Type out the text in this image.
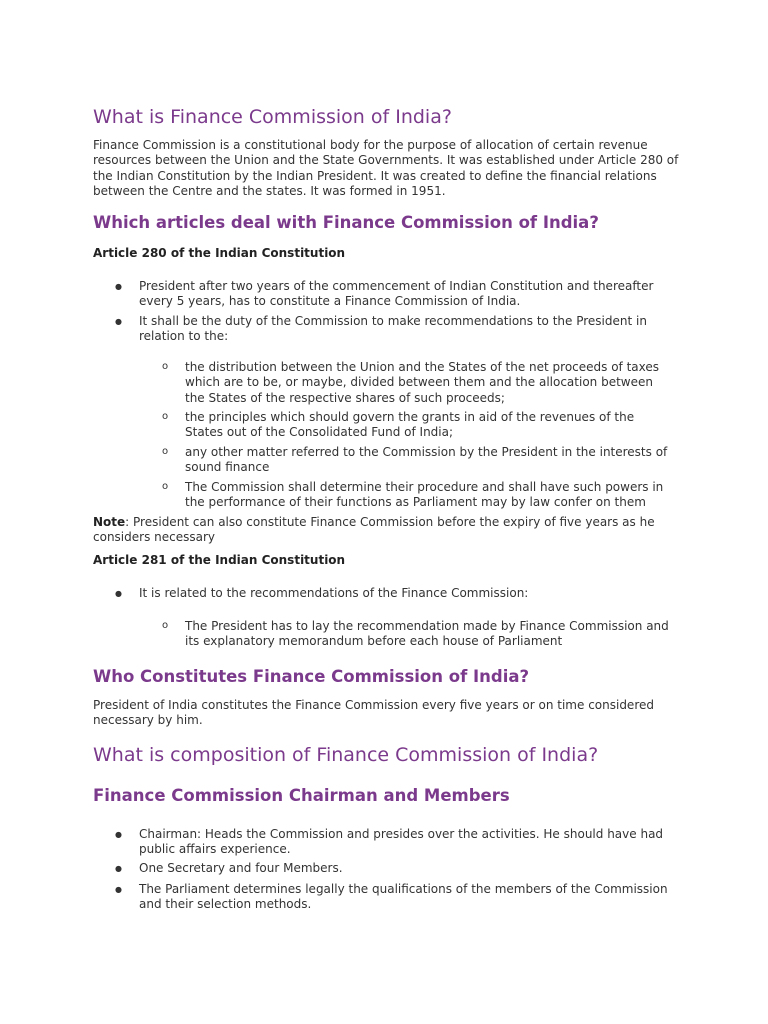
What is Finance Commission of India?

Finance Commission is a constitutional body for the purpose of allocation of certain revenue resources between the Union and the State Governments. It was established under Article 280 of the Indian Constitution by the Indian President. It was created to define the financial relations between the Centre and the states. It was formed in 1951.

Which articles deal with Finance Commission of India?

Article 280 of the Indian Constitution

● President after two years of the commencement of Indian Constitution and thereafter every 5 years, has to constitute a Finance Commission of India.
● It shall be the duty of the Commission to make recommendations to the President in relation to the:
o the distribution between the Union and the States of the net proceeds of taxes which are to be, or maybe, divided between them and the allocation between the States of the respective shares of such proceeds;
o the principles which should govern the grants in aid of the revenues of the States out of the Consolidated Fund of India;
o any other matter referred to the Commission by the President in the interests of sound finance
o The Commission shall determine their procedure and shall have such powers in the performance of their functions as Parliament may by law confer on them

Note: President can also constitute Finance Commission before the expiry of five years as he considers necessary

Article 281 of the Indian Constitution

● It is related to the recommendations of the Finance Commission:
o The President has to lay the recommendation made by Finance Commission and its explanatory memorandum before each house of Parliament
Who Constitutes Finance Commission of India?

President of India constitutes the Finance Commission every five years or on time considered necessary by him.

What is composition of Finance Commission of India?
Finance Commission Chairman and Members
● Chairman: Heads the Commission and presides over the activities. He should have had public affairs experience.
● One Secretary and four Members.
● The Parliament determines legally the qualifications of the members of the Commission and their selection methods.
